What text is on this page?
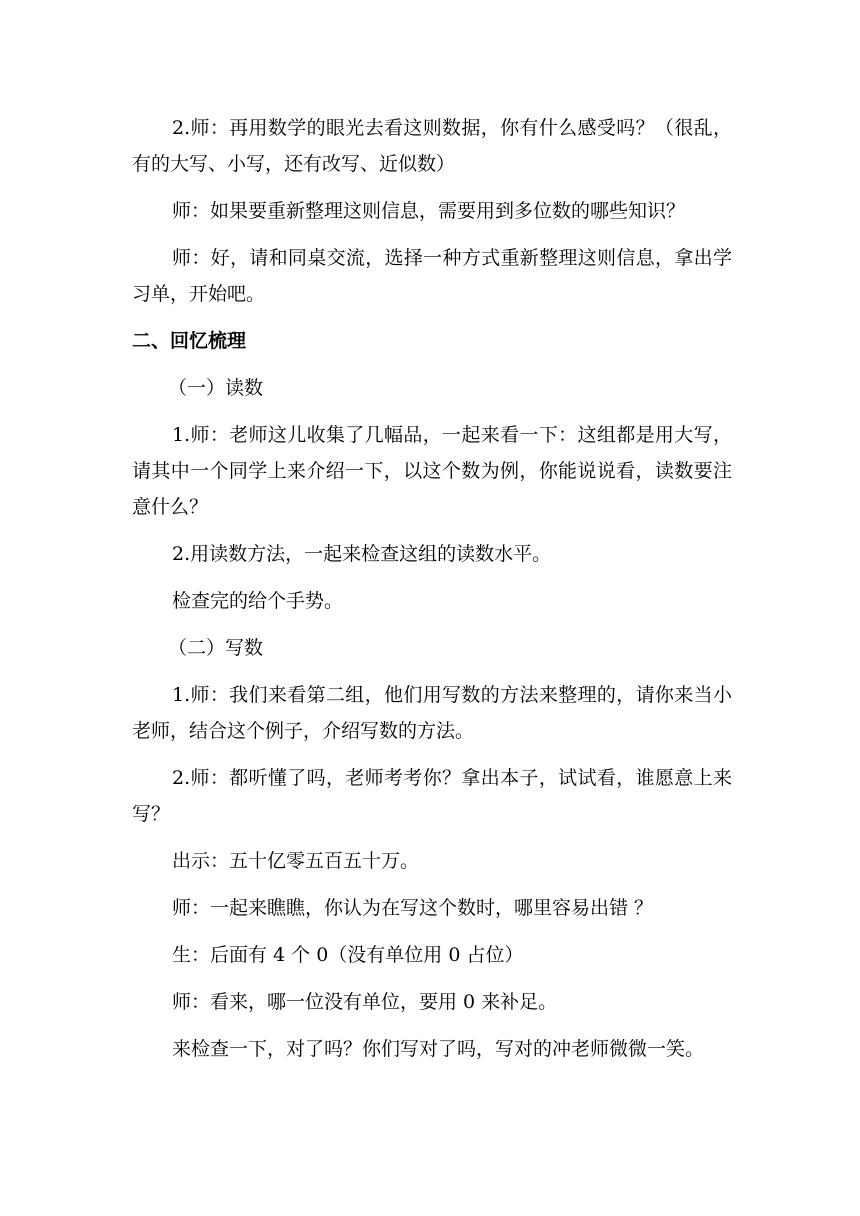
2.师：再用数学的眼光去看这则数据，你有什么感受吗？（很乱，有的大写、小写，还有改写、近似数）

师：如果要重新整理这则信息，需要用到多位数的哪些知识？

师：好，请和同桌交流，选择一种方式重新整理这则信息，拿出学习单，开始吧。

二、回忆梳理

（一）读数

1.师：老师这儿收集了几幅品，一起来看一下：这组都是用大写，请其中一个同学上来介绍一下，以这个数为例，你能说说看，读数要注意什么？

2.用读数方法，一起来检查这组的读数水平。

检查完的给个手势。

（二）写数

1.师：我们来看第二组，他们用写数的方法来整理的，请你来当小老师，结合这个例子，介绍写数的方法。

2.师：都听懂了吗，老师考考你？拿出本子，试试看，谁愿意上来写？

出示：五十亿零五百五十万。

师：一起来瞧瞧，你认为在写这个数时，哪里容易出错 ？

生：后面有 4 个 0（没有单位用 0 占位）

师：看来，哪一位没有单位，要用 0 来补足。

来检查一下，对了吗？你们写对了吗，写对的冲老师微微一笑。
